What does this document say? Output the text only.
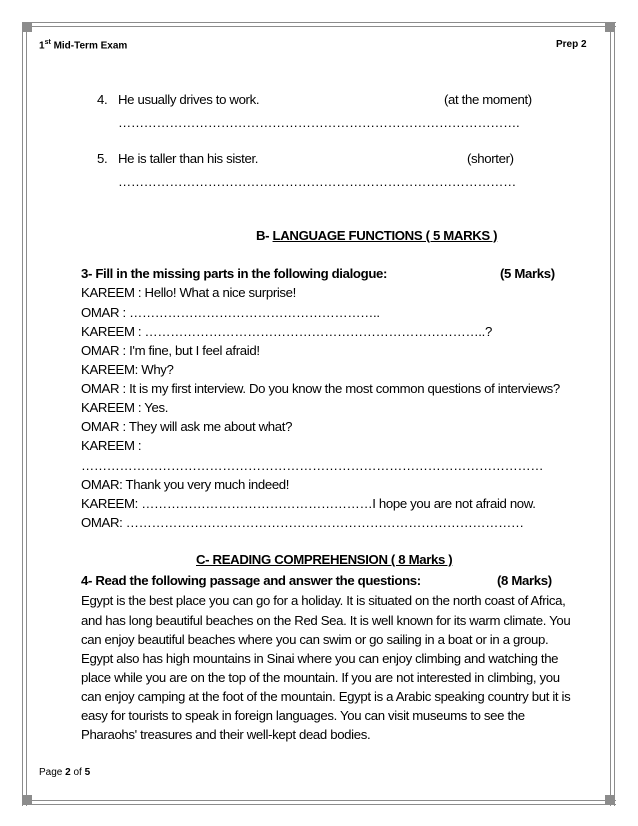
1st Mid-Term Exam	Prep 2
4. He usually drives to work.	(at the moment)
………………………………………………………………………………….
5. He is taller than his sister.	(shorter)
…………………………………………………………………………………
B- LANGUAGE FUNCTIONS ( 5 MARKS )
3- Fill in the missing parts in the following dialogue:	(5 Marks)
KAREEM : Hello! What a nice surprise!
OMAR : …………………………………………………..
KAREEM : ……………………………………………………………………..?
OMAR : I'm fine, but I feel afraid!
KAREEM: Why?
OMAR : It is my first interview. Do you know the most common questions of interviews?
KAREEM : Yes.
OMAR : They will ask me about what?
KAREEM :
………………………………………………………………………………………………
OMAR: Thank you very much indeed!
KAREEM: ………………………………………………I hope you are not afraid now.
OMAR: …………………………………………………………………………………
C- READING COMPREHENSION ( 8 Marks )
4- Read the following passage and answer the questions:	(8 Marks)
Egypt is the best place you can go for a holiday. It is situated on the north coast of Africa,
and has long beautiful beaches on the Red Sea. It is well known for its warm climate. You
can enjoy beautiful beaches where you can swim or go sailing in a boat or in a group.
Egypt also has high mountains in Sinai where you can enjoy climbing and watching the
place while you are on the top of the mountain. If you are not interested in climbing, you
can enjoy camping at the foot of the mountain. Egypt is a Arabic speaking country but it is
easy for tourists to speak in foreign languages. You can visit museums to see the
Pharaohs' treasures and their well-kept dead bodies.
Page 2 of 5
